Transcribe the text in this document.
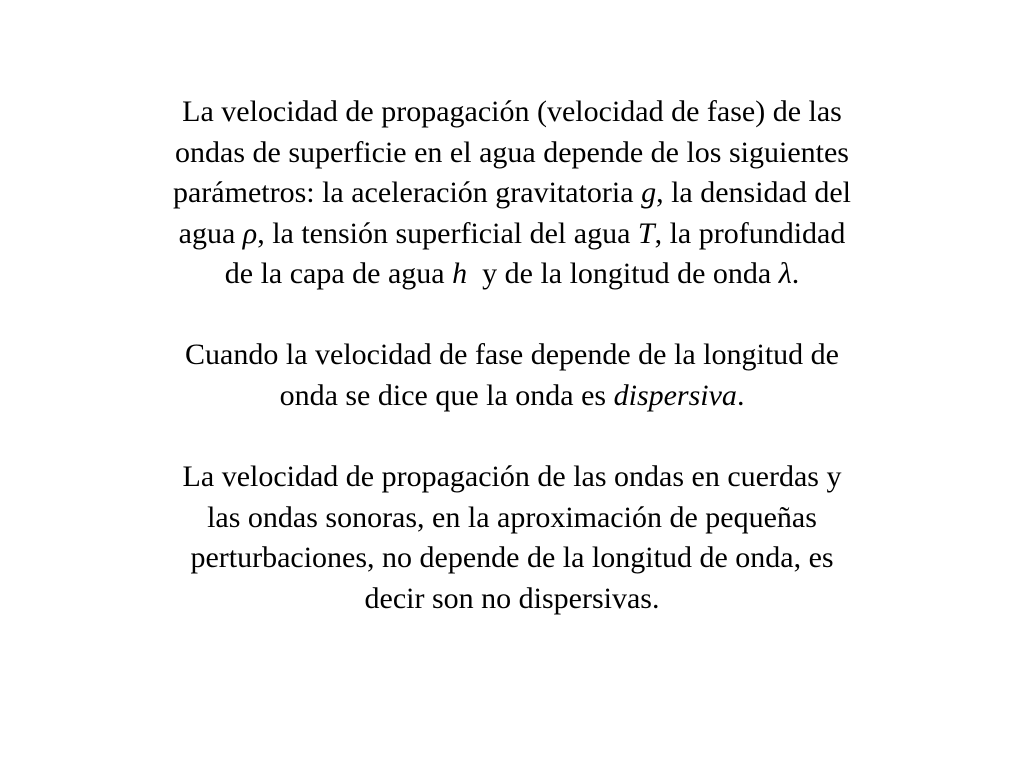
La velocidad de propagación (velocidad de fase) de las
ondas de superficie en el agua depende de los siguientes
parámetros: la aceleración gravitatoria g, la densidad del
agua ρ, la tensión superficial del agua T, la profundidad
de la capa de agua h  y de la longitud de onda λ.

Cuando la velocidad de fase depende de la longitud de
onda se dice que la onda es dispersiva.

La velocidad de propagación de las ondas en cuerdas y
las ondas sonoras, en la aproximación de pequeñas
perturbaciones, no depende de la longitud de onda, es
decir son no dispersivas.
